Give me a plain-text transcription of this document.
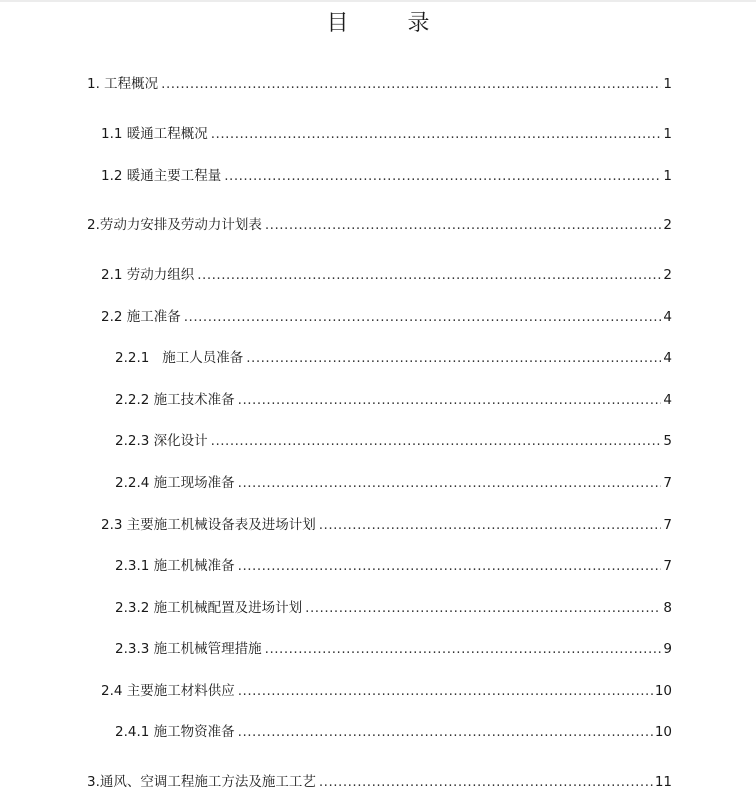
目 录
1. 工程概况 .....	1
1.1 暖通工程概况 .....	1
1.2 暖通主要工程量 .....	1
2.劳动力安排及劳动力计划表 .....	2
2.1 劳动力组织 .....	2
2.2 施工准备 .....	4
2.2.1   施工人员准备 .....	4
2.2.2 施工技术准备 .....	4
2.2.3 深化设计 .....	5
2.2.4 施工现场准备 .....	7
2.3 主要施工机械设备表及进场计划 .....	7
2.3.1 施工机械准备 .....	7
2.3.2 施工机械配置及进场计划 .....	8
2.3.3 施工机械管理措施 .....	9
2.4 主要施工材料供应 .....	10
2.4.1 施工物资准备 .....	10
3.通风、空调工程施工方法及施工工艺 .....	11
